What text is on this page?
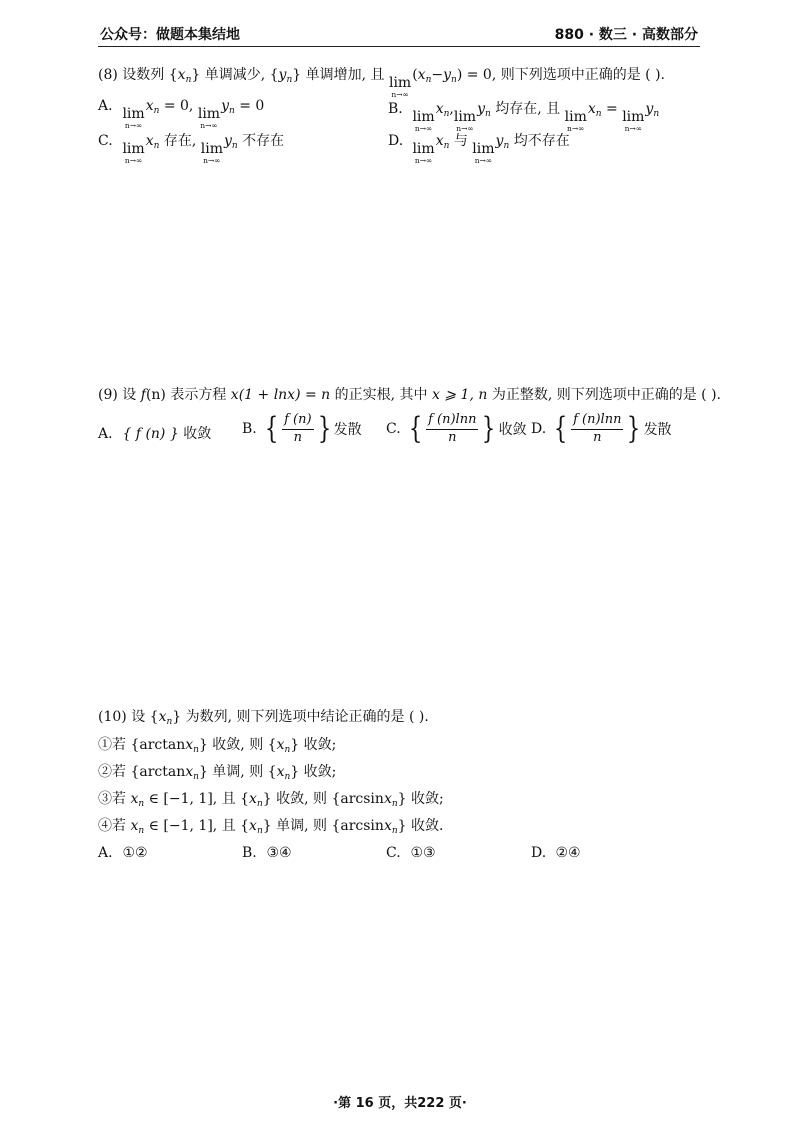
公众号：做题本集结地	880 · 数三 · 高数部分
(8) 设数列 $\{x_n\}$ 单调减少, $\{y_n\}$ 单调增加, 且 lim
n→∞
$(x_n-y_n) = 0$, 则下列选项中正确的是 ( ).
A. lim
n→∞
$x_n = 0$, lim
n→∞
$y_n = 0$	B. lim
n→∞
$x_n$, lim
n→∞
$y_n$ 均存在, 且 lim
n→∞
$x_n = \lim$
n→∞
$y_n$
C. lim
n→∞
$x_n$ 存在, lim
n→∞
$y_n$ 不存在	D. lim
n→∞
$x_n$ 与 lim
n→∞
$y_n$ 均不存在
(9) 设 f(n) 表示方程 x(1 + lnx) = n 的正实根, 其中 x ⩾ 1, n 为正整数, 则下列选项中正确的是 ( ).
A. { f (n) } 收敛 B. { $\frac{f (n)}{n}$ } 发散 C. { $\frac{f (n)\ln n}{n}$ } 收敛 D. { $\frac{f (n)\ln n}{n}$ } 发散
(10) 设 $\{x_n\}$ 为数列, 则下列选项中结论正确的是 ( ).
①若 {arctanx$_n$} 收敛, 则 $\{x_n\}$ 收敛;
②若 {arctanx$_n$} 单调, 则 $\{x_n\}$ 收敛;
③若 $x_n$ ∈ [−1, 1], 且 $\{x_n\}$ 收敛, 则 {arcsinx$_n$} 收敛;
④若 $x_n$ ∈ [−1, 1], 且 $\{x_n\}$ 单调, 则 {arcsinx$_n$} 收敛.
A. ①②	B. ③④	C. ①③	D. ②④
·第 16 页，共222 页·
